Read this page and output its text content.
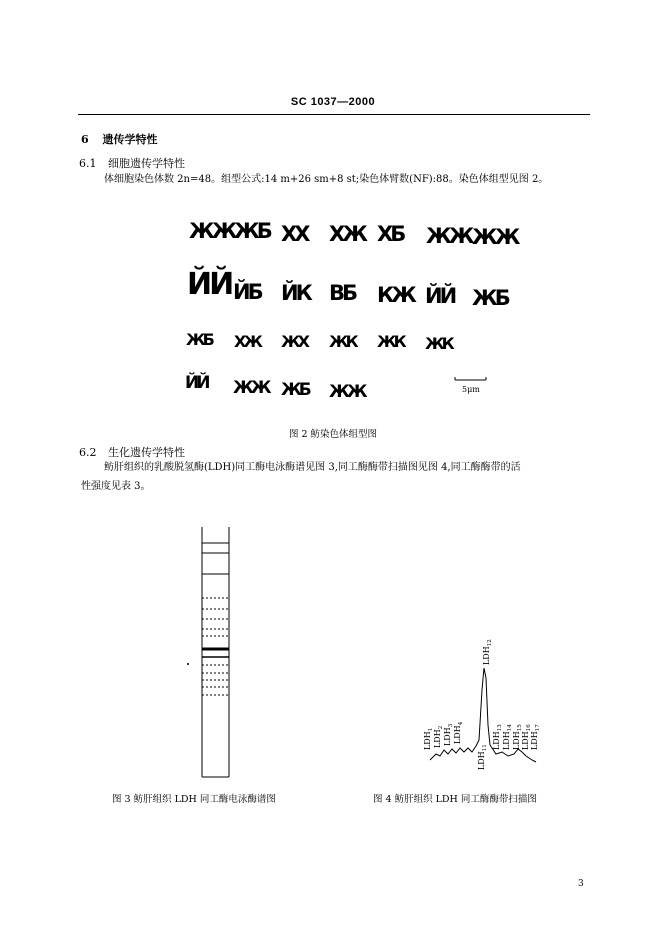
SC 1037—2000
6 遗传学特性
6.1 细胞遗传学特性
体细胞染色体数 2n=48。组型公式:14 m+26 sm+8 st;染色体臂数(NF):88。染色体组型见图 2。
ЖЖ ЖБ ХХ ХЖ ХБ ЖЖ ЖЖ
ЙЙ ЙБ ЙК ВБ КЖ ЙЙ ЖБ
ЖБ ХЖ ЖХ ЖК ЖК ЖК
ЙЙ ЖЖ ЖБ ЖЖ	5μm
图 2 鲂染色体组型图
6.2 生化遗传学特性
鲂肝组织的乳酸脱氢酶(LDH)同工酶电泳酶谱见图 3,同工酶酶带扫描图见图 4,同工酶酶带的活
性强度见表 3。
图 3 鲂肝组织 LDH 同工酶电泳酶谱图
$LDH_1$ $LDH_2$ $LDH_3$ $LDH_4$
$LDH_{11}$
$LDH_{12}$
$LDH_{13}$
$LDH_{14}$
$LDH_{15}$
$LDH_{16}$
$LDH_{17}$
图 4 鲂肝组织 LDH 同工酶酶带扫描图
3
